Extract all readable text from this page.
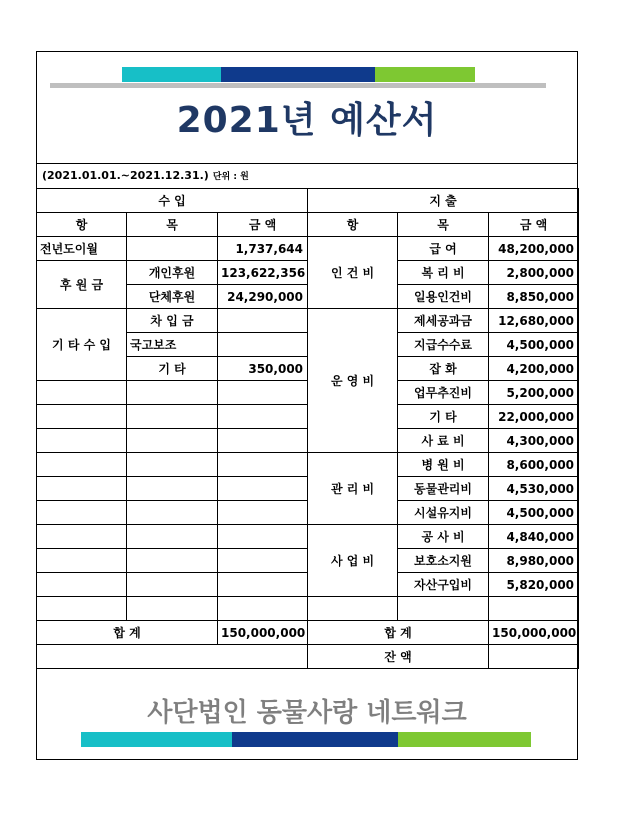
2021년 예산서
(2021.01.01.~2021.12.31.) 단위 : 원
수 입			지 출		
항	목	금 액	항	목	금 액
전년도이월		1,737,644	인 건 비	급 여	48,200,000
후 원 금	개인후원	123,622,356		복 리 비	2,800,000
	단체후원	24,290,000		일용인건비	8,850,000
기 타 수 입	차 입 금		운 영 비	제세공과금	12,680,000
	국고보조			지급수수료	4,500,000
	기 타	350,000		잡 화	4,200,000
				업무추진비	5,200,000
				기 타	22,000,000
				사 료 비	4,300,000
			관 리 비	병 원 비	8,600,000
				동물관리비	4,530,000
				시설유지비	4,500,000
			사 업 비	공 사 비	4,840,000
				보호소지원	8,980,000
				자산구입비	5,820,000

합 계		150,000,000	합 계		150,000,000
			잔 액		
사단법인 동물사랑 네트워크
